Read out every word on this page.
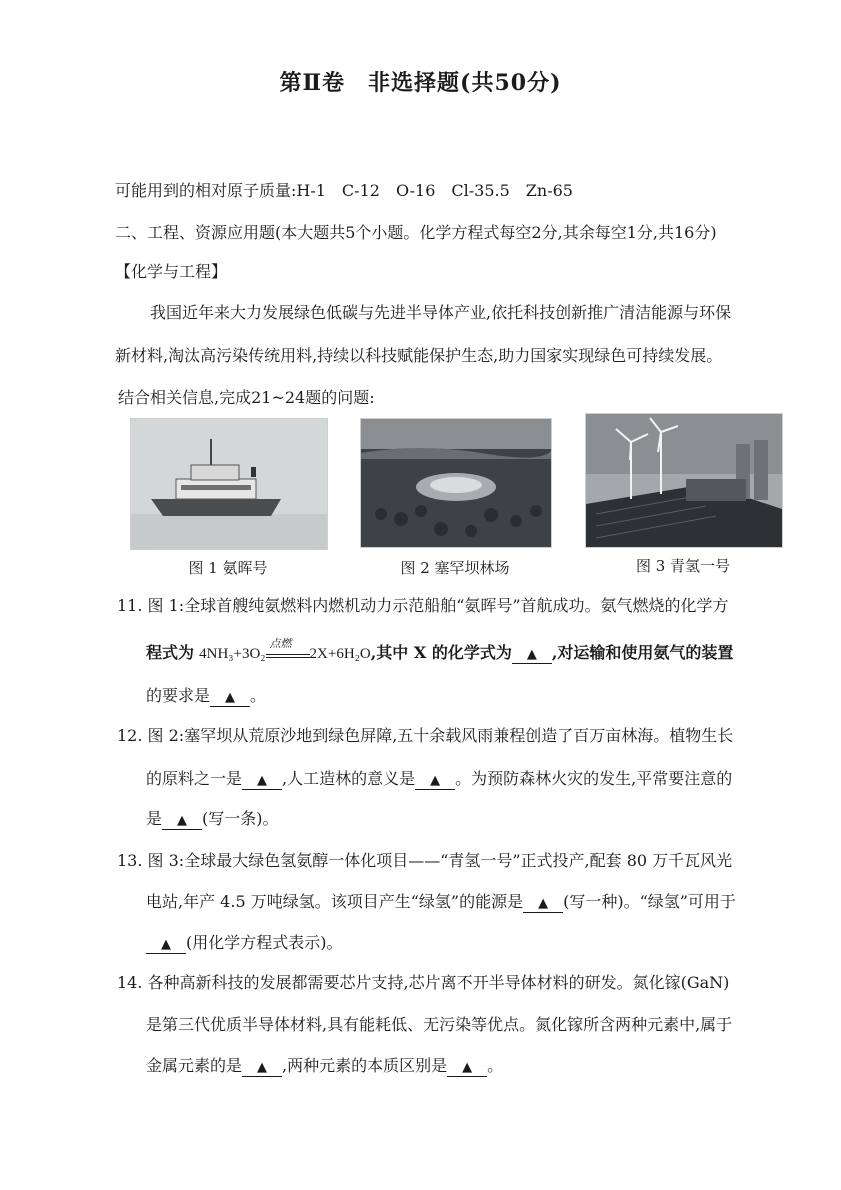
第Ⅱ卷　非选择题(共50分)
可能用到的相对原子质量:H-1　C-12　O-16　Cl-35.5　Zn-65
二、工程、资源应用题(本大题共5个小题。化学方程式每空2分,其余每空1分,共16分)
【化学与工程】
我国近年来大力发展绿色低碳与先进半导体产业,依托科技创新推广清洁能源与环保
新材料,淘汰高污染传统用料,持续以科技赋能保护生态,助力国家实现绿色可持续发展。
结合相关信息,完成21~24题的问题:
图 1 氨晖号	图 2 塞罕坝林场	图 3 青氢一号
11. 图 1:全球首艘纯氨燃料内燃机动力示范船舶“氨晖号”首航成功。氨气燃烧的化学方
程式为 4NH₃+3O₂
点燃
2X+6H₂O,其中 X 的化学式为 ▲ ,对运输和使用氨气的装置
的要求是 ▲ 。
12. 图 2:塞罕坝从荒原沙地到绿色屏障,五十余载风雨兼程创造了百万亩林海。植物生长
的原料之一是 ▲ ,人工造林的意义是 ▲ 。为预防森林火灾的发生,平常要注意的
是 ▲ (写一条)。
13. 图 3:全球最大绿色氢氨醇一体化项目——“青氢一号”正式投产,配套 80 万千瓦风光
电站,年产 4.5 万吨绿氢。该项目产生“绿氢”的能源是 ▲ (写一种)。“绿氢”可用于
▲ (用化学方程式表示)。
14. 各种高新科技的发展都需要芯片支持,芯片离不开半导体材料的研发。氮化镓(GaN)
是第三代优质半导体材料,具有能耗低、无污染等优点。氮化镓所含两种元素中,属于
金属元素的是 ▲ ,两种元素的本质区别是 ▲ 。
